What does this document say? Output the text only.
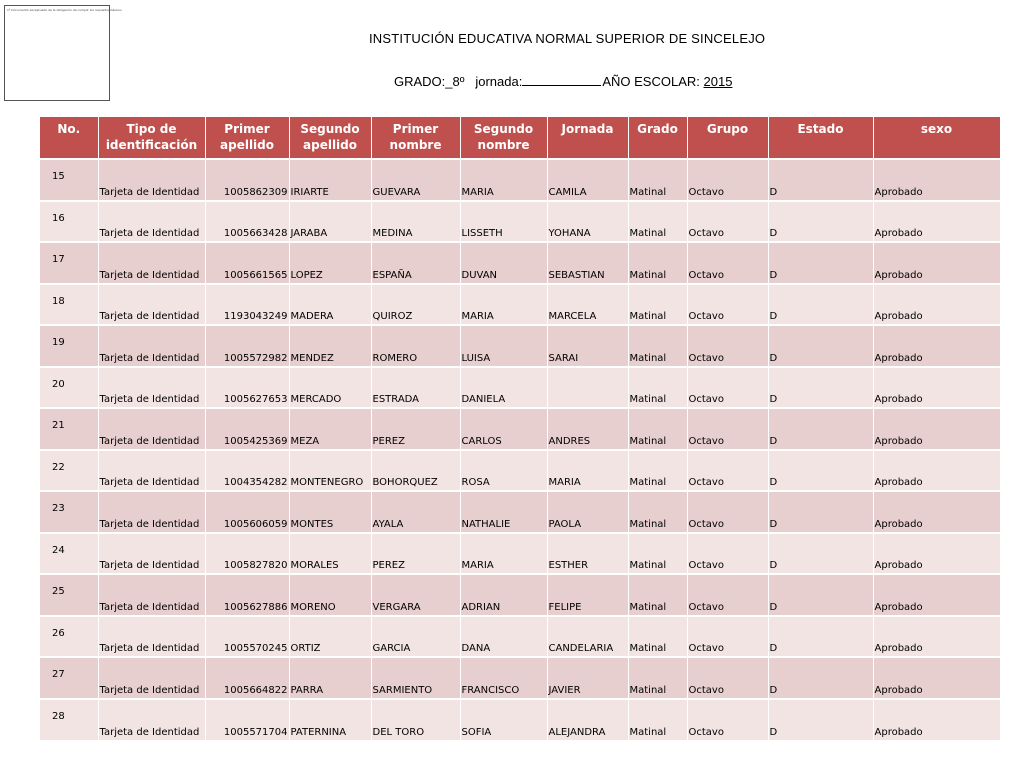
1º Documento exceptuado de la obligación de cumplir los requisitos básicos
INSTITUCIÓN EDUCATIVA NORMAL SUPERIOR DE SINCELEJO
GRADO:_8º jornada:	AÑO ESCOLAR: 2015
No.	Tipo de identificación	Primer apellido	Segundo apellido	Primer nombre	Segundo nombre	Jornada	Grado	Grupo	Estado	sexo
15	Tarjeta de Identidad	1005862309	IRIARTE	GUEVARA	MARIA	CAMILA	Matinal	Octavo	D	Aprobado
16	Tarjeta de Identidad	1005663428	JARABA	MEDINA	LISSETH	YOHANA	Matinal	Octavo	D	Aprobado
17	Tarjeta de Identidad	1005661565	LOPEZ	ESPAÑA	DUVAN	SEBASTIAN	Matinal	Octavo	D	Aprobado
18	Tarjeta de Identidad	1193043249	MADERA	QUIROZ	MARIA	MARCELA	Matinal	Octavo	D	Aprobado
19	Tarjeta de Identidad	1005572982	MENDEZ	ROMERO	LUISA	SARAI	Matinal	Octavo	D	Aprobado
20	Tarjeta de Identidad	1005627653	MERCADO	ESTRADA	DANIELA		Matinal	Octavo	D	Aprobado
21	Tarjeta de Identidad	1005425369	MEZA	PEREZ	CARLOS	ANDRES	Matinal	Octavo	D	Aprobado
22	Tarjeta de Identidad	1004354282	MONTENEGRO	BOHORQUEZ	ROSA	MARIA	Matinal	Octavo	D	Aprobado
23	Tarjeta de Identidad	1005606059	MONTES	AYALA	NATHALIE	PAOLA	Matinal	Octavo	D	Aprobado
24	Tarjeta de Identidad	1005827820	MORALES	PEREZ	MARIA	ESTHER	Matinal	Octavo	D	Aprobado
25	Tarjeta de Identidad	1005627886	MORENO	VERGARA	ADRIAN	FELIPE	Matinal	Octavo	D	Aprobado
26	Tarjeta de Identidad	1005570245	ORTIZ	GARCIA	DANA	CANDELARIA	Matinal	Octavo	D	Aprobado
27	Tarjeta de Identidad	1005664822	PARRA	SARMIENTO	FRANCISCO	JAVIER	Matinal	Octavo	D	Aprobado
28	Tarjeta de Identidad	1005571704	PATERNINA	DEL TORO	SOFIA	ALEJANDRA	Matinal	Octavo	D	Aprobado
